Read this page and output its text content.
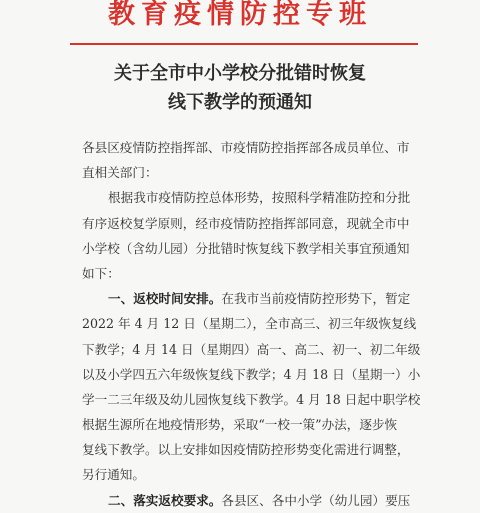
教育疫情防控专班
关于全市中小学校分批错时恢复
线下教学的预通知
各县区疫情防控指挥部、市疫情防控指挥部各成员单位、市
直相关部门：
根据我市疫情防控总体形势，按照科学精准防控和分批
有序返校复学原则，经市疫情防控指挥部同意，现就全市中
小学校（含幼儿园）分批错时恢复线下教学相关事宜预通知
如下：
一、返校时间安排。在我市当前疫情防控形势下，暂定
2022 年 4 月 12 日（星期二），全市高三、初三年级恢复线
下教学；4 月 14 日（星期四）高一、高二、初一、初二年级
以及小学四五六年级恢复线下教学；4 月 18 日（星期一）小
学一二三年级及幼儿园恢复线下教学。4 月 18 日起中职学校
根据生源所在地疫情形势，采取“一校一策”办法，逐步恢
复线下教学。以上安排如因疫情防控形势变化需进行调整，
另行通知。
二、落实返校要求。各县区、各中小学（幼儿园）要压
